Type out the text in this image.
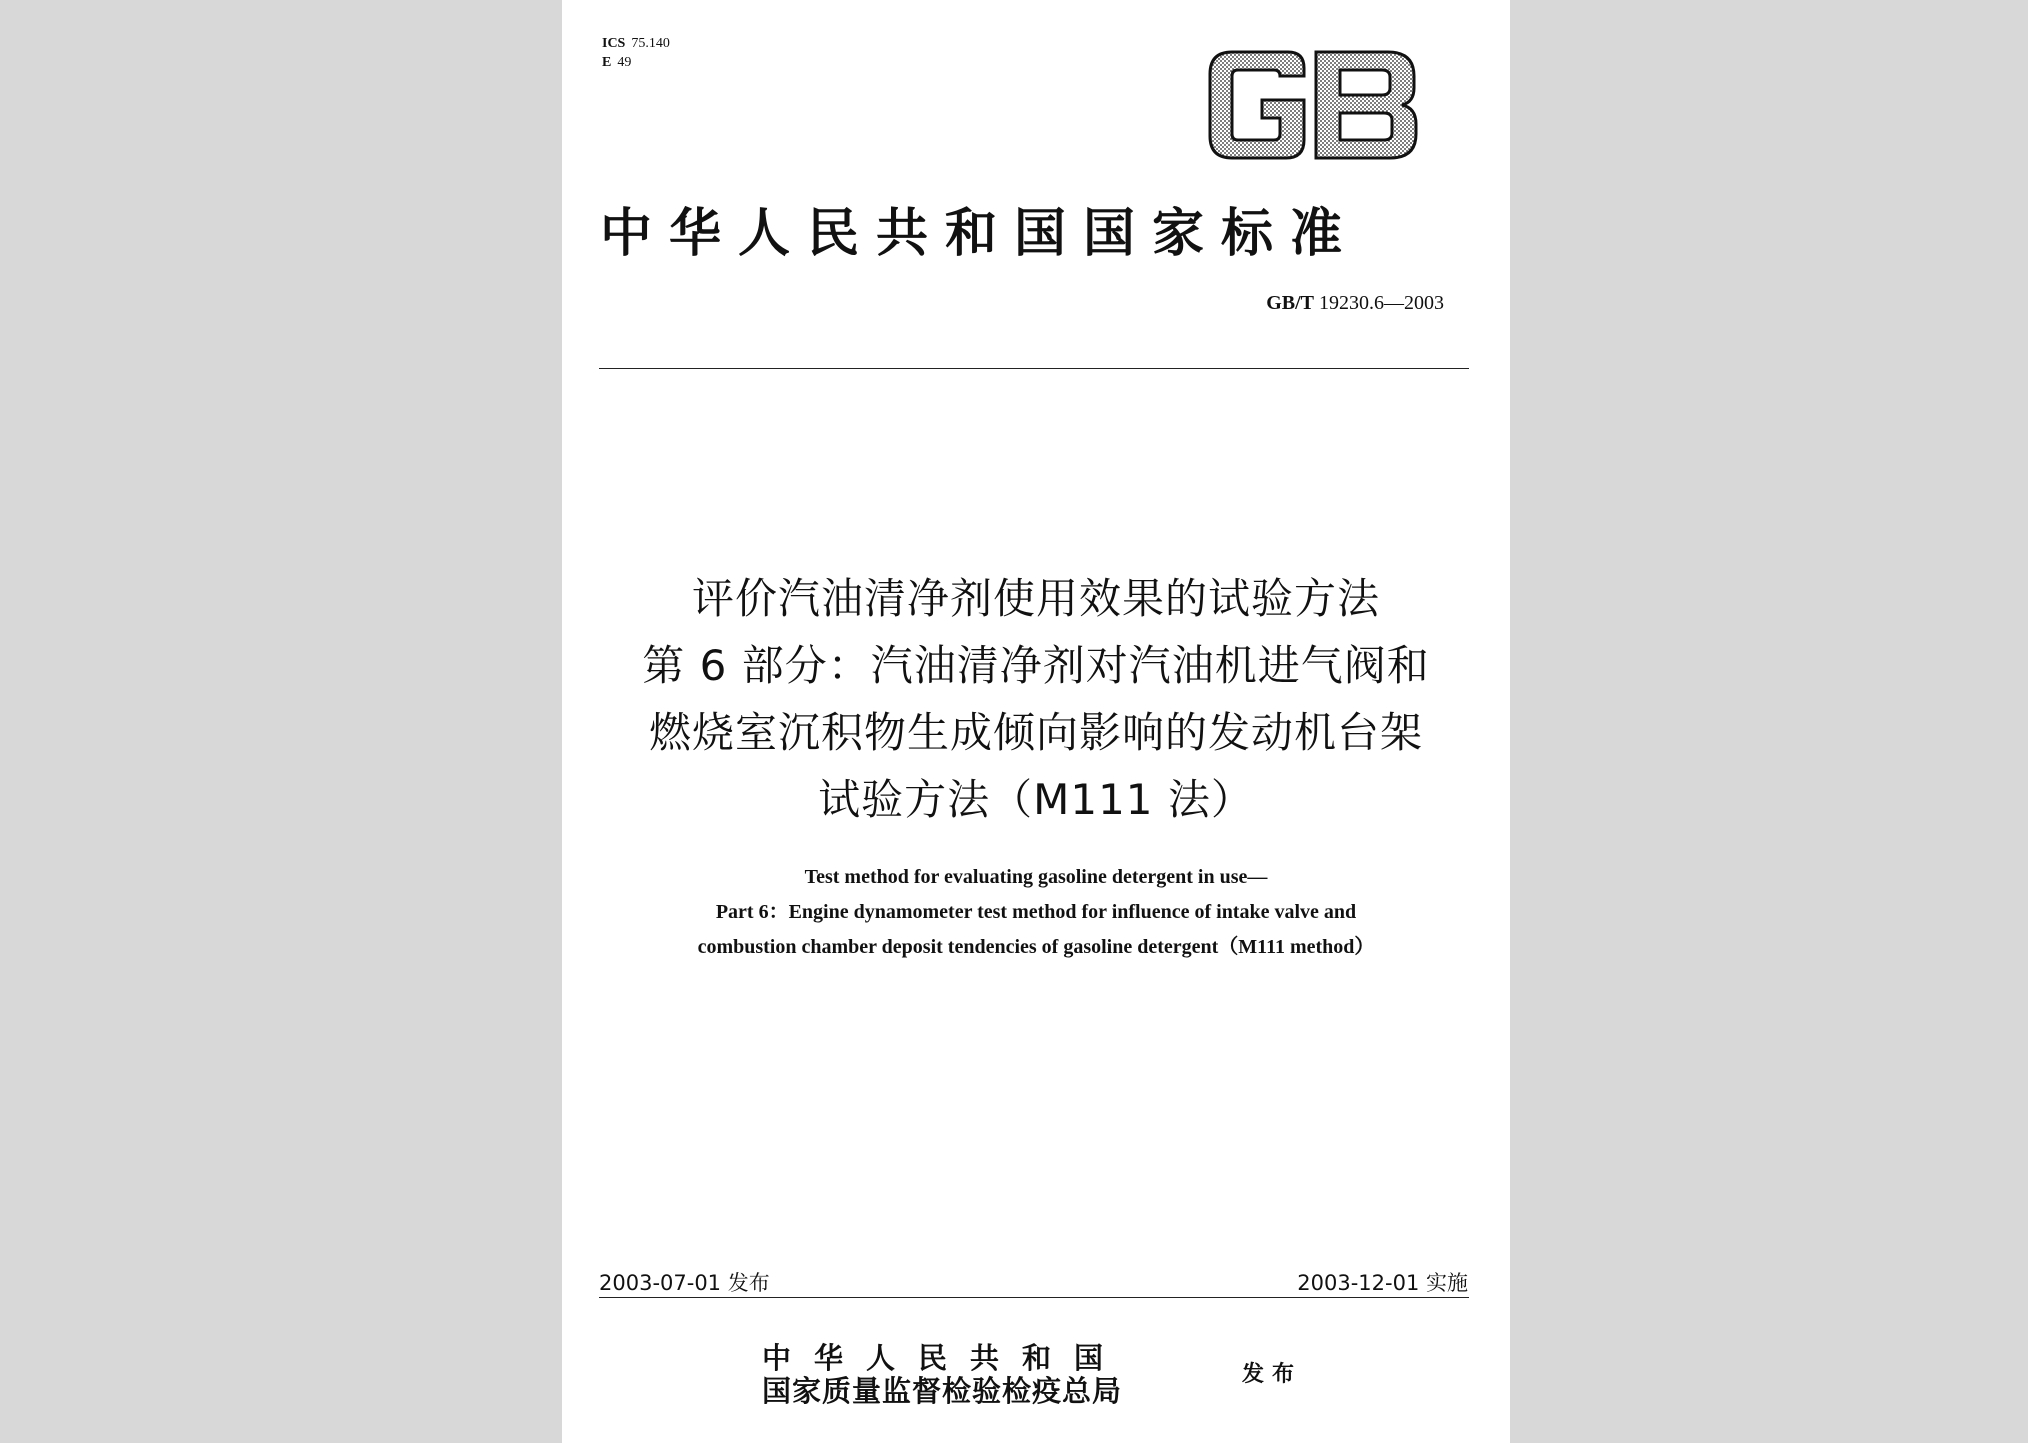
ICS 75.140
E 49
中华人民共和国国家标准
GB/T 19230.6—2003
评价汽油清净剂使用效果的试验方法
第 6 部分：汽油清净剂对汽油机进气阀和
燃烧室沉积物生成倾向影响的发动机台架
试验方法（M111 法）
Test method for evaluating gasoline detergent in use—
Part 6：Engine dynamometer test method for influence of intake valve and
combustion chamber deposit tendencies of gasoline detergent（M111 method）
2003-07-01 发布	2003-12-01 实施
中华人民共和国
国家质量监督检验检疫总局	发布
